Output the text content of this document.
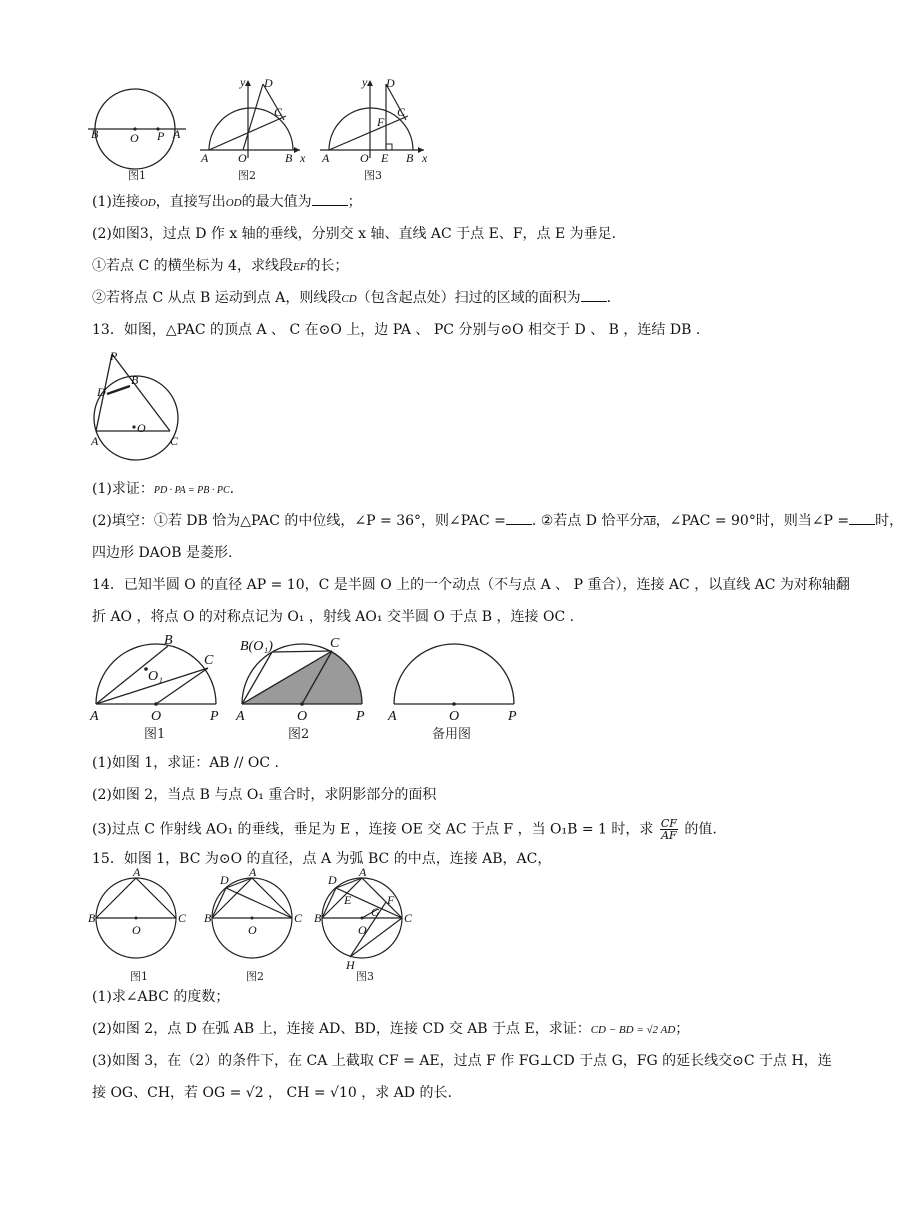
B	O P A
图1
y D
C
A O	B x
图2
y D
C
F
A	O E B x
图3
(1)连接OD，直接写出OD的最大值为	；
(2)如图3，过点 D 作 x 轴的垂线，分别交 x 轴、直线 AC 于点 E、F，点 E 为垂足.
①若点 C 的横坐标为 4，求线段EF的长；
②若将点 C 从点 B 运动到点 A，则线段CD（包含起点处）扫过的区域的面积为 .
13．如图，△PAC 的顶点 A 、 C 在⊙O 上，边 PA 、 PC 分别与⊙O 相交于 D 、 B ，连结 DB .
P
D
B
O
A	C
(1)求证：PD · PA = PB · PC.
(2)填空：①若 DB 恰为△PAC 的中位线，∠P = 36°，则∠PAC = . ②若点 D 恰平分$\overline{AB}$，∠PAC = 90°时，则当∠P = 时，
四边形 DAOB 是菱形.
14．已知半圆 O 的直径 AP = 10，C 是半圆 O 上的一个动点（不与点 A 、 P 重合），连接 AC ，以直线 AC 为对称轴翻
折 AO ，将点 O 的对称点记为 O₁ ，射线 AO₁ 交半圆 O 于点 B ，连接 OC .
B
O₁
C
A	O	P
图1
B(O₁)	C
A	O	P
图2
A	O	P
备用图
(1)如图 1，求证：AB // OC .
(2)如图 2，当点 B 与点 O₁ 重合时，求阴影部分的面积
(3)过点 C 作射线 AO₁ 的垂线，垂足为 E ，连接 OE 交 AC 于点 F ，当 O₁B = 1 时，求 $\frac{CF}{AF}$ 的值.
15．如图 1，BC 为⊙O 的直径，点 A 为弧 BC 的中点，连接 AB，AC，
A
B
O
C
图1
D
A
B
O
C
图2
D
A
E	F
G
B
O
C
H
图3
(1)求∠ABC 的度数；
(2)如图 2，点 D 在弧 AB 上，连接 AD、BD，连接 CD 交 AB 于点 E，求证：CD − BD = √2 AD；
(3)如图 3，在（2）的条件下，在 CA 上截取 CF = AE，过点 F 作 FG⊥CD 于点 G，FG 的延长线交⊙C 于点 H，连
接 OG、CH，若 OG = √2 ， CH = √10 ，求 AD 的长.
